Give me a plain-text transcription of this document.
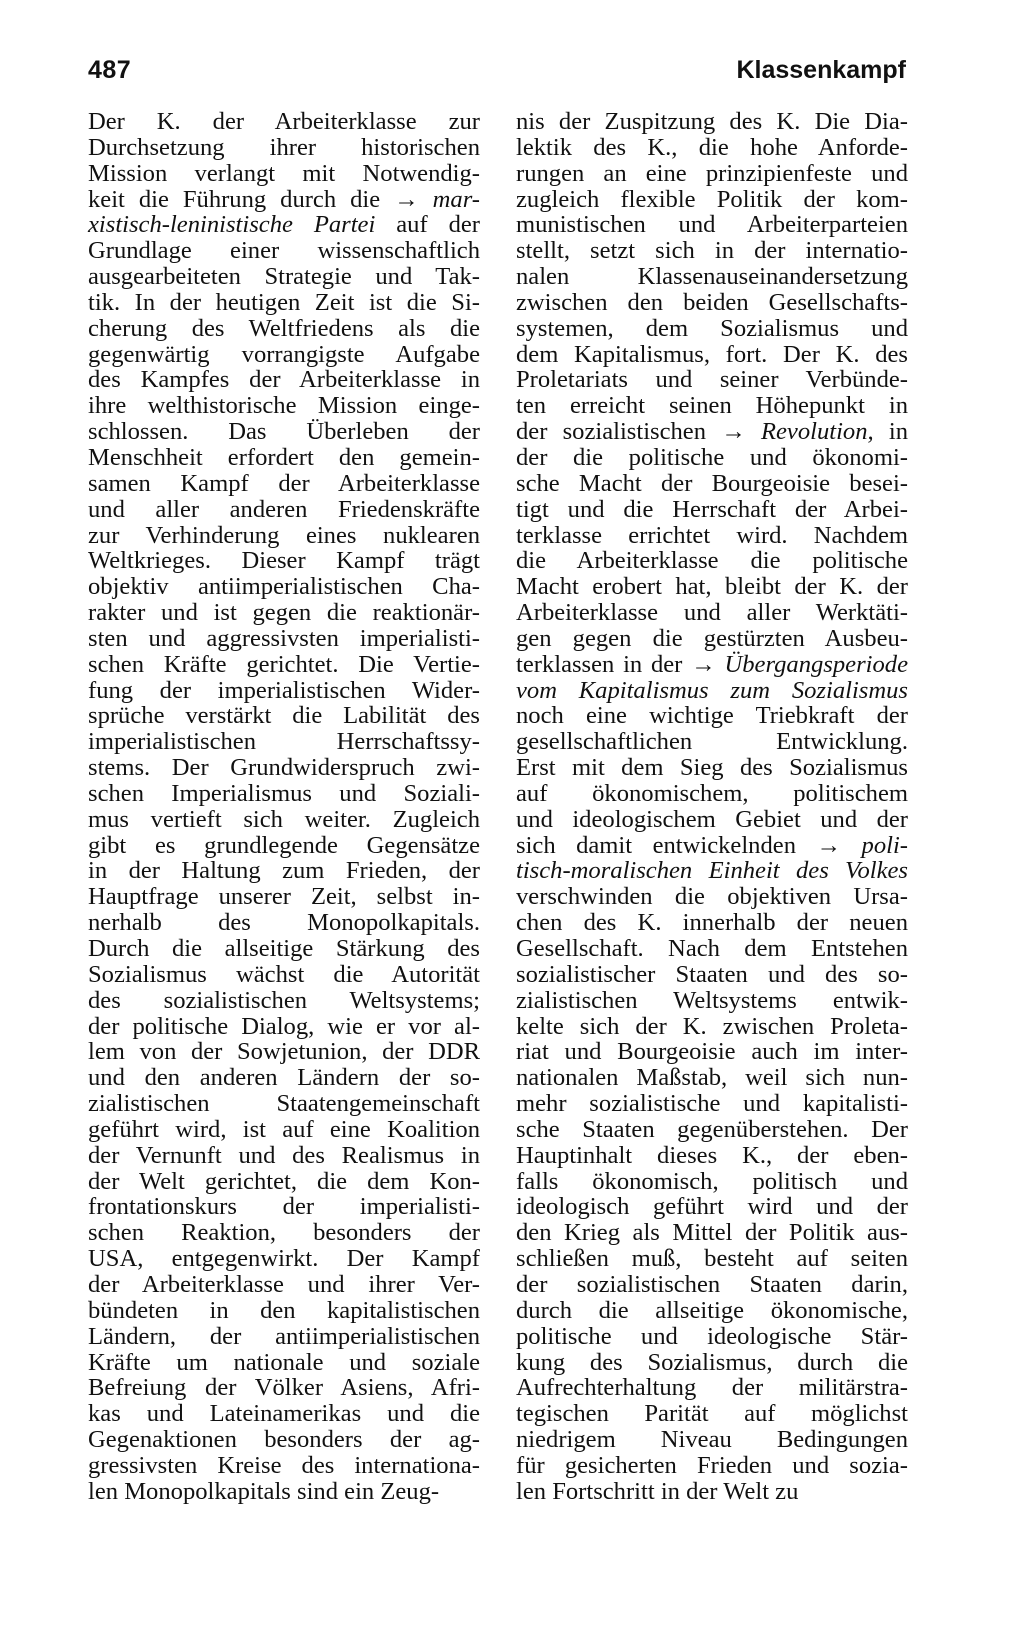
487	Klassenkampf
Der K. der Arbeiterklasse zur
Durchsetzung ihrer historischen
Mission verlangt mit Notwendig-
keit die Führung durch die → mar-
xistisch-leninistische Partei auf der
Grundlage einer wissenschaftlich
ausgearbeiteten Strategie und Tak-
tik. In der heutigen Zeit ist die Si-
cherung des Weltfriedens als die
gegenwärtig vorrangigste Aufgabe
des Kampfes der Arbeiterklasse in
ihre welthistorische Mission einge-
schlossen. Das Überleben der
Menschheit erfordert den gemein-
samen Kampf der Arbeiterklasse
und aller anderen Friedenskräfte
zur Verhinderung eines nuklearen
Weltkrieges. Dieser Kampf trägt
objektiv antiimperialistischen Cha-
rakter und ist gegen die reaktionär-
sten und aggressivsten imperialisti-
schen Kräfte gerichtet. Die Vertie-
fung der imperialistischen Wider-
sprüche verstärkt die Labilität des
imperialistischen Herrschaftssy-
stems. Der Grundwiderspruch zwi-
schen Imperialismus und Soziali-
mus vertieft sich weiter. Zugleich
gibt es grundlegende Gegensätze
in der Haltung zum Frieden, der
Hauptfrage unserer Zeit, selbst in-
nerhalb des Monopolkapitals.
Durch die allseitige Stärkung des
Sozialismus wächst die Autorität
des sozialistischen Weltsystems;
der politische Dialog, wie er vor al-
lem von der Sowjetunion, der DDR
und den anderen Ländern der so-
zialistischen Staatengemeinschaft
geführt wird, ist auf eine Koalition
der Vernunft und des Realismus in
der Welt gerichtet, die dem Kon-
frontationskurs der imperialisti-
schen Reaktion, besonders der
USA, entgegenwirkt. Der Kampf
der Arbeiterklasse und ihrer Ver-
bündeten in den kapitalistischen
Ländern, der antiimperialistischen
Kräfte um nationale und soziale
Befreiung der Völker Asiens, Afri-
kas und Lateinamerikas und die
Gegenaktionen besonders der ag-
gressivsten Kreise des internationa-
len Monopolkapitals sind ein Zeug-
nis der Zuspitzung des K. Die Dia-
lektik des K., die hohe Anforde-
rungen an eine prinzipienfeste und
zugleich flexible Politik der kom-
munistischen und Arbeiterparteien
stellt, setzt sich in der internatio-
nalen Klassenauseinandersetzung
zwischen den beiden Gesellschafts-
systemen, dem Sozialismus und
dem Kapitalismus, fort. Der K. des
Proletariats und seiner Verbünde-
ten erreicht seinen Höhepunkt in
der sozialistischen → Revolution, in
der die politische und ökonomi-
sche Macht der Bourgeoisie besei-
tigt und die Herrschaft der Arbei-
terklasse errichtet wird. Nachdem
die Arbeiterklasse die politische
Macht erobert hat, bleibt der K. der
Arbeiterklasse und aller Werktäti-
gen gegen die gestürzten Ausbeu-
terklassen in der → Übergangsperiode
vom Kapitalismus zum Sozialismus
noch eine wichtige Triebkraft der
gesellschaftlichen Entwicklung.
Erst mit dem Sieg des Sozialismus
auf ökonomischem, politischem
und ideologischem Gebiet und der
sich damit entwickelnden → poli-
tisch-moralischen Einheit des Volkes
verschwinden die objektiven Ursa-
chen des K. innerhalb der neuen
Gesellschaft. Nach dem Entstehen
sozialistischer Staaten und des so-
zialistischen Weltsystems entwik-
kelte sich der K. zwischen Proleta-
riat und Bourgeoisie auch im inter-
nationalen Maßstab, weil sich nun-
mehr sozialistische und kapitalisti-
sche Staaten gegenüberstehen. Der
Hauptinhalt dieses K., der eben-
falls ökonomisch, politisch und
ideologisch geführt wird und der
den Krieg als Mittel der Politik aus-
schließen muß, besteht auf seiten
der sozialistischen Staaten darin,
durch die allseitige ökonomische,
politische und ideologische Stär-
kung des Sozialismus, durch die
Aufrechterhaltung der militärstra-
tegischen Parität auf möglichst
niedrigem Niveau Bedingungen
für gesicherten Frieden und sozia-
len Fortschritt in der Welt zu
